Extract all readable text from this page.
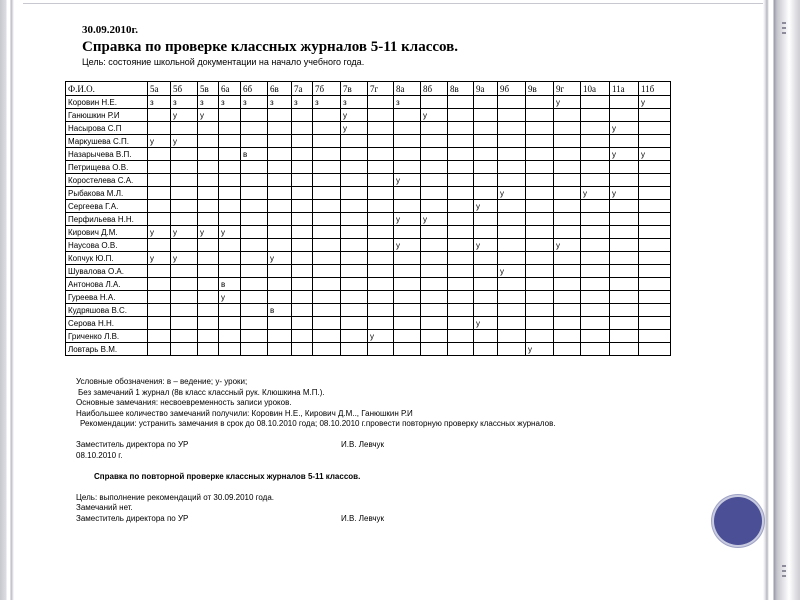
30.09.2010г.
Справка по проверке классных журналов 5-11 классов.
Цель: состояние школьной документации на начало учебного года.
Ф.И.О.	5а	5б	5в	6а	6б	6в	7а	7б	7в	7г	8а	8б	8в	9а	9б	9в	9г	10а	11а	11б
Коровин Н.Е.	з	з	з	з	з	з	з	з	з		з						у			у
Ганюшкин Р.И		у	у						у			у								
Насырова С.П									у										у	
Маркушева С.П.	у	у																		
Назарычева В.П.					в														у	у
Петрищева О.В.																				
Коростелева С.А.											у									
Рыбакова М.Л.															у			у	у	
Сергеева Г.А.														у						
Перфильева Н.Н.											у	у								
Кирович Д.М.	у	у	у	у																
Наусова О.В.											у			у			у			
Копчук Ю.П.	у	у				у														
Шувалова О.А.															у					
Антонова Л.А.				в																
Гуреева Н.А.				у																
Кудряшова В.С.						в														
Серова Н.Н.														у						
Гриченко Л.В.										у										
Ловтарь В.М.																у				
Условные обозначения: в – ведение; у- уроки;
Без замечаний 1 журнал (8в класс классный рук. Клюшкина М.П.).
Основные замечания: несвоевременность записи уроков.
Наибольшее количество замечаний получили: Коровин Н.Е., Кирович Д.М.., Ганюшкин Р.И
Рекомендации: устранить замечания в срок до 08.10.2010 года; 08.10.2010 г.провести повторную проверку классных журналов.
Заместитель директора по УР	И.В. Левчук
08.10.2010 г.
Справка по повторной проверке классных журналов 5-11 классов.
Цель: выполнение рекомендаций от 30.09.2010 года.
Замечаний нет.
Заместитель директора по УР	И.В. Левчук
